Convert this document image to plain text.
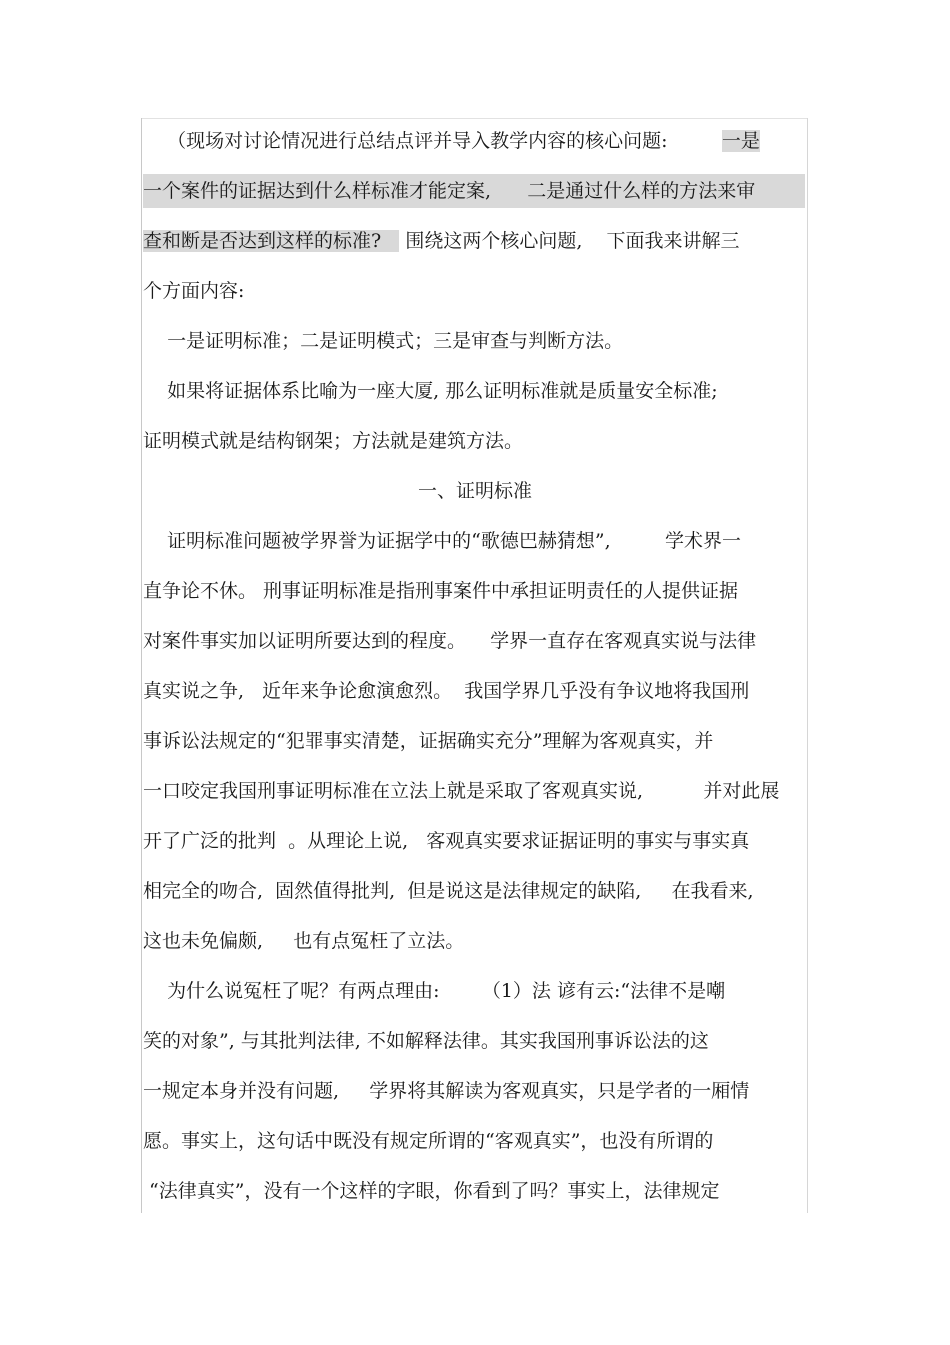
（现场对讨论情况进行总结点评并导入教学内容的核心问题:         一是
一个案件的证据达到什么样标准才能定案,      二是通过什么样的方法来审
查和断是否达到这样的标准?    围绕这两个核心问题,    下面我来讲解三
个方面内容:
一是证明标准；二是证明模式；三是审查与判断方法。
如果将证据体系比喻为一座大厦, 那么证明标准就是质量安全标准;
证明模式就是结构钢架；方法就是建筑方法。
一、证明标准
证明标准问题被学界誉为证据学中的“歌德巴赫猜想”,         学术界一
直争论不休。 刑事证明标准是指刑事案件中承担证明责任的人提供证据
对案件事实加以证明所要达到的程度。    学界一直存在客观真实说与法律
真实说之争,   近年来争论愈演愈烈。  我国学界几乎没有争议地将我国刑
事诉讼法规定的“犯罪事实清楚，证据确实充分”理解为客观真实，并
一口咬定我国刑事证明标准在立法上就是采取了客观真实说,          并对此展
开了广泛的批判  。从理论上说,   客观真实要求证据证明的事实与事实真
相完全的吻合,  固然值得批判,  但是说这是法律规定的缺陷,     在我看来,
这也未免偏颇,     也有点冤枉了立法。
为什么说冤枉了呢？有两点理由:       （1）法 谚有云:“法律不是嘲
笑的对象”, 与其批判法律, 不如解释法律。其实我国刑事诉讼法的这
一规定本身并没有问题,     学界将其解读为客观真实，只是学者的一厢情
愿。事实上，这句话中既没有规定所谓的“客观真实”，也没有所谓的
“法律真实”，没有一个这样的字眼，你看到了吗？事实上，法律规定
